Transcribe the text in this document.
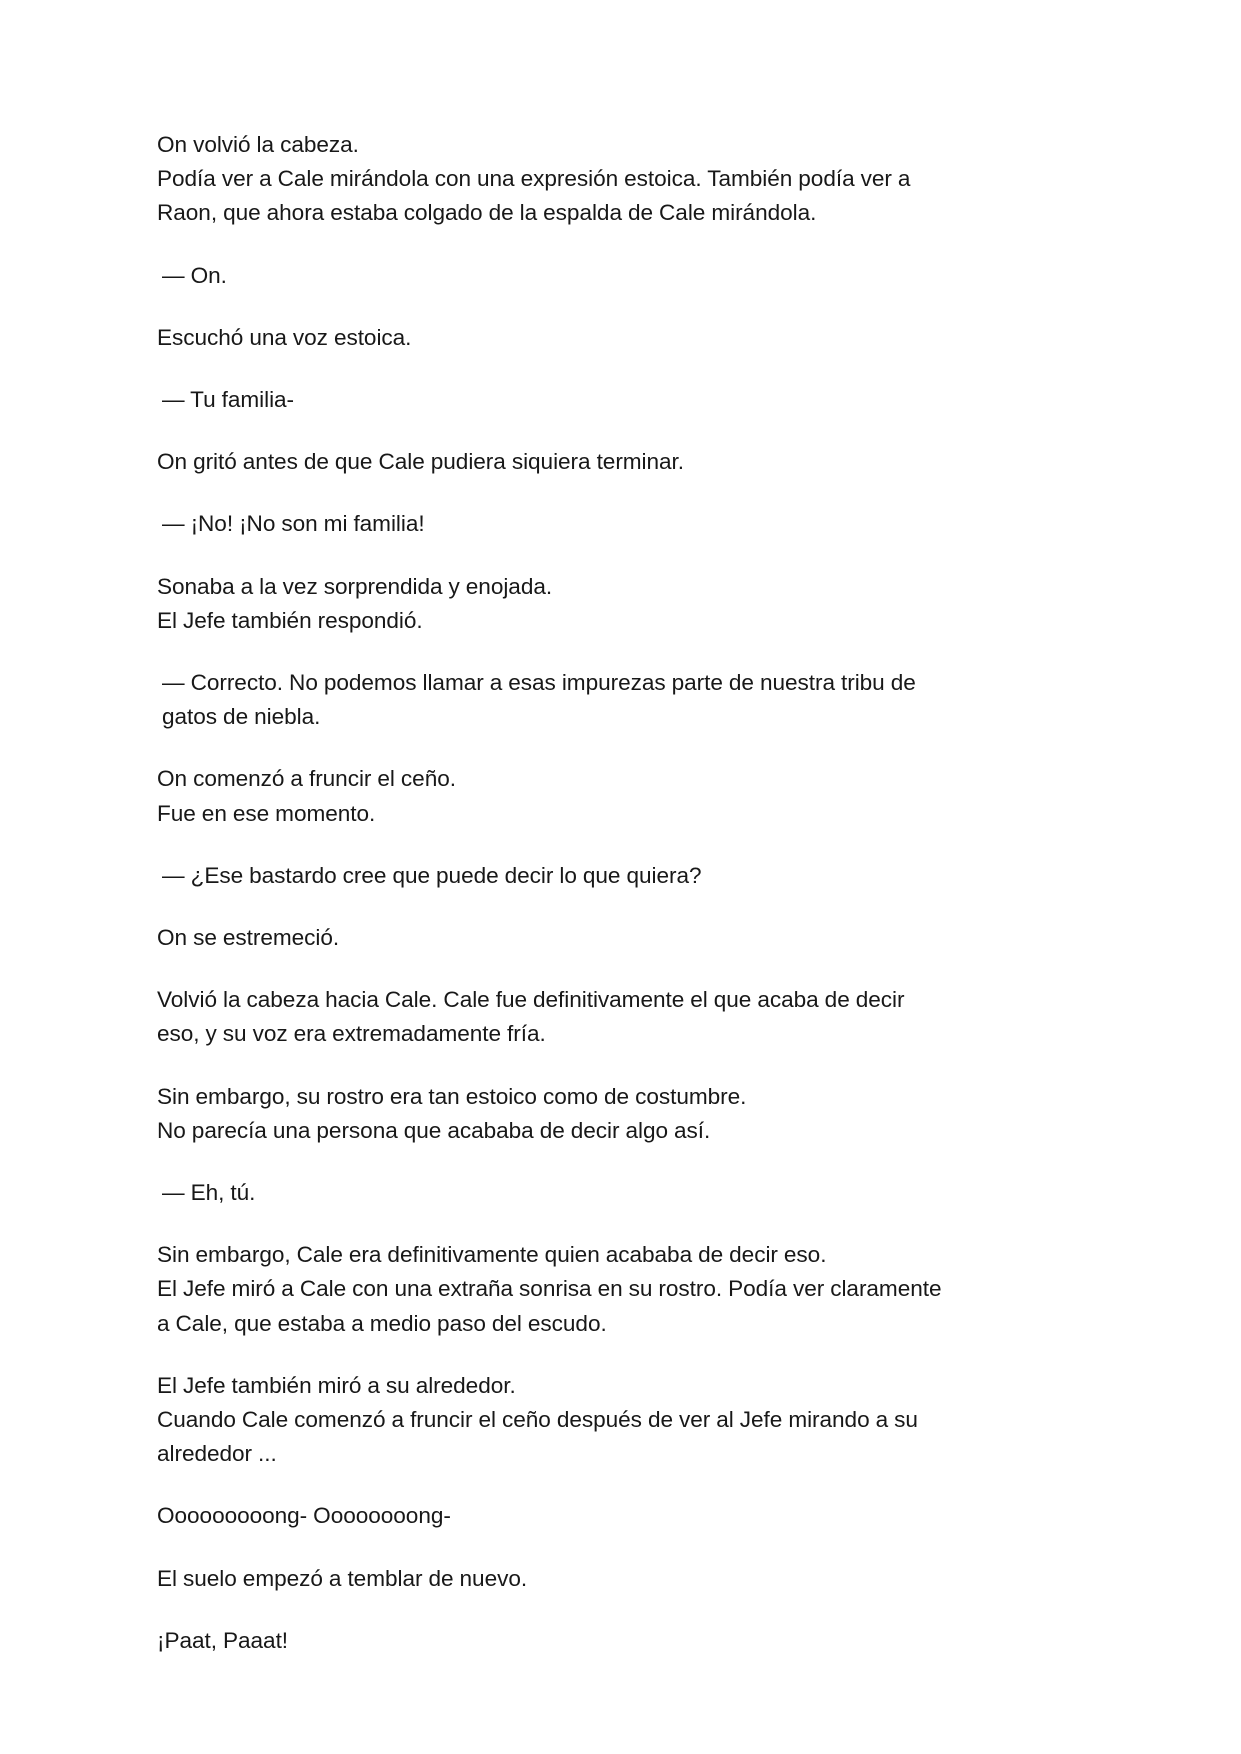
On volvió la cabeza.
Podía ver a Cale mirándola con una expresión estoica. También podía ver a Raon, que ahora estaba colgado de la espalda de Cale mirándola.

— On.

Escuchó una voz estoica.

— Tu familia-

On gritó antes de que Cale pudiera siquiera terminar.

— ¡No! ¡No son mi familia!

Sonaba a la vez sorprendida y enojada.
El Jefe también respondió.

— Correcto. No podemos llamar a esas impurezas parte de nuestra tribu de gatos de niebla.

On comenzó a fruncir el ceño.
Fue en ese momento.

— ¿Ese bastardo cree que puede decir lo que quiera?

On se estremeció.

Volvió la cabeza hacia Cale. Cale fue definitivamente el que acaba de decir eso, y su voz era extremadamente fría.

Sin embargo, su rostro era tan estoico como de costumbre.
No parecía una persona que acababa de decir algo así.

— Eh, tú.

Sin embargo, Cale era definitivamente quien acababa de decir eso.
El Jefe miró a Cale con una extraña sonrisa en su rostro. Podía ver claramente a Cale, que estaba a medio paso del escudo.

El Jefe también miró a su alrededor.
Cuando Cale comenzó a fruncir el ceño después de ver al Jefe mirando a su alrededor ...

Ooooooooong- Oooooooong-

El suelo empezó a temblar de nuevo.

¡Paat, Paaat!
